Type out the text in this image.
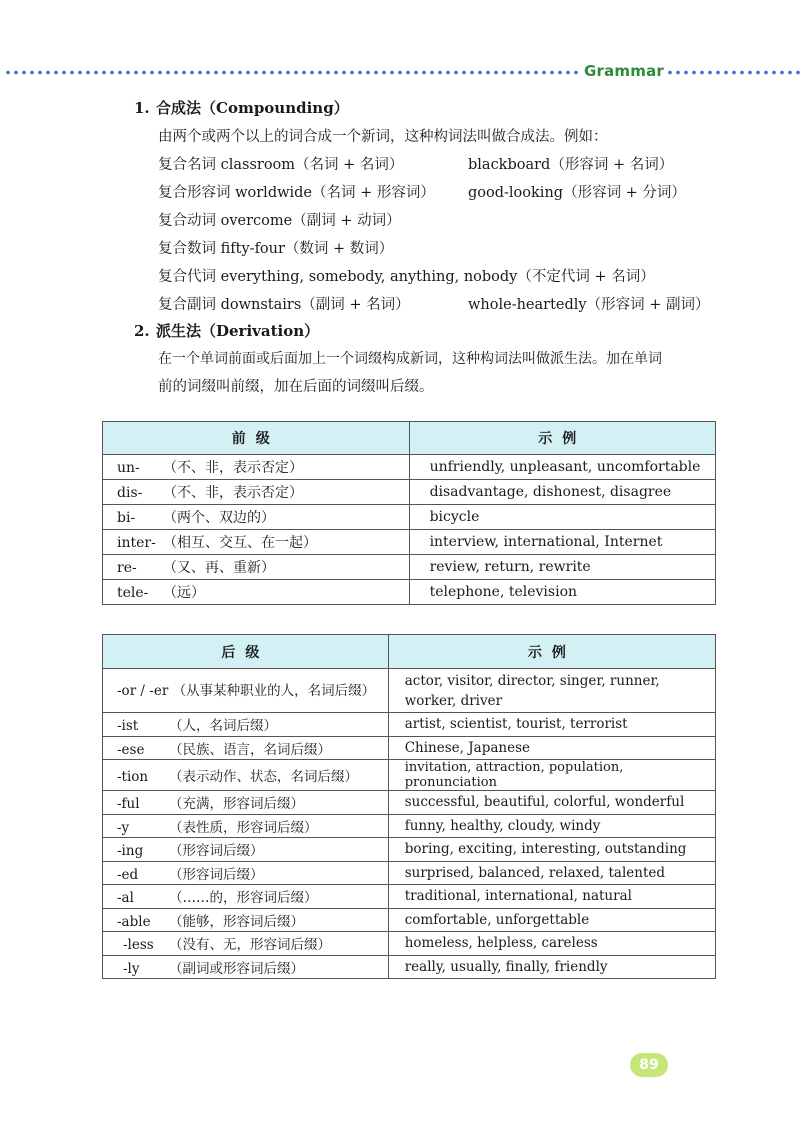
Grammar
1. 合成法（Compounding）
由两个或两个以上的词合成一个新词，这种构词法叫做合成法。例如：
复合名词 classroom（名词 + 名词）	blackboard（形容词 + 名词）
复合形容词 worldwide（名词 + 形容词） good-looking（形容词 + 分词）
复合动词 overcome（副词 + 动词）
复合数词 fifty-four（数词 + 数词）
复合代词 everything, somebody, anything, nobody（不定代词 + 名词）
复合副词 downstairs（副词 + 名词）	whole-heartedly（形容词 + 副词）
2. 派生法（Derivation）
在一个单词前面或后面加上一个词缀构成新词，这种构词法叫做派生法。加在单词
前的词缀叫前缀，加在后面的词缀叫后缀。
前级	示例
un- （不、非，表示否定）	unfriendly, unpleasant, uncomfortable
dis- （不、非，表示否定）	disadvantage, dishonest, disagree
bi- （两个、双边的）	bicycle
inter- （相互、交互、在一起）	interview, international, Internet
re- （又、再、重新）	review, return, rewrite
tele- （远）	telephone, television
后级	示例
-or / -er （从事某种职业的人，名词后缀）	actor, visitor, director, singer, runner, worker, driver
-ist （人，名词后缀）	artist, scientist, tourist, terrorist
-ese （民族、语言，名词后缀）	Chinese, Japanese
-tion （表示动作、状态，名词后缀）	invitation, attraction, population, pronunciation
-ful （充满，形容词后缀）	successful, beautiful, colorful, wonderful
-y （表性质，形容词后缀）	funny, healthy, cloudy, windy
-ing （形容词后缀）	boring, exciting, interesting, outstanding
-ed （形容词后缀）	surprised, balanced, relaxed, talented
-al （……的，形容词后缀）	traditional, international, natural
-able （能够，形容词后缀）	comfortable, unforgettable
-less （没有、无，形容词后缀）	homeless, helpless, careless
-ly （副词或形容词后缀）	really, usually, finally, friendly
89
